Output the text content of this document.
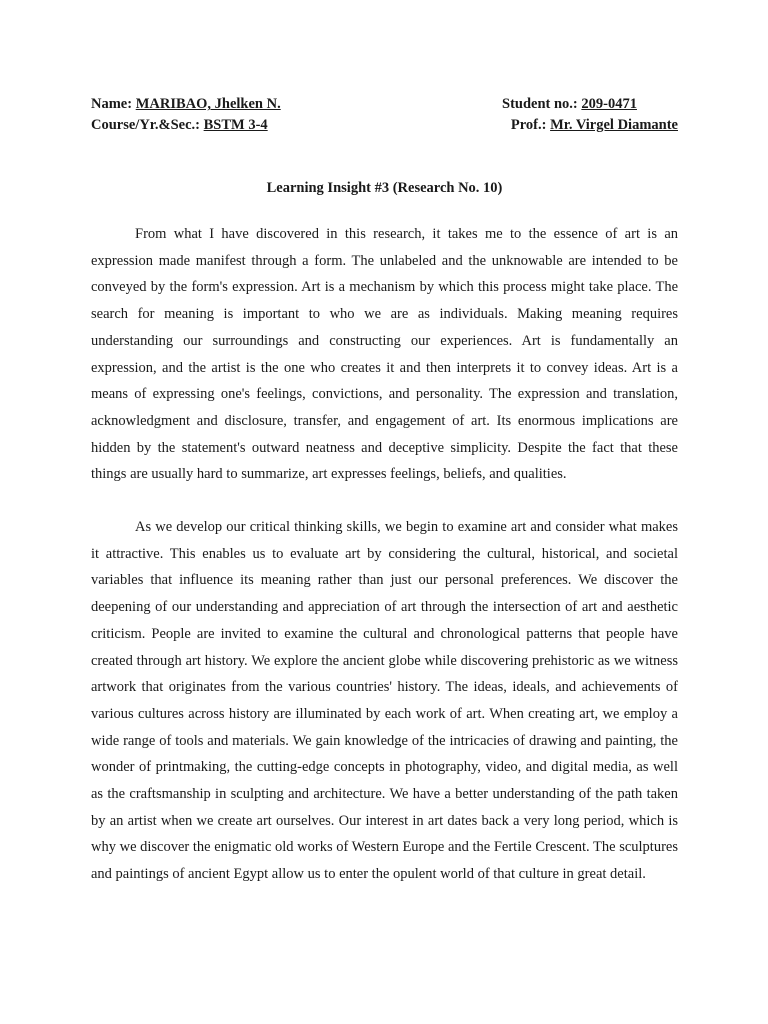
Name: MARIBAO, Jhelken N.	Student no.: 209-0471
Course/Yr.&Sec.: BSTM 3-4	Prof.: Mr. Virgel Diamante
Learning Insight #3 (Research No. 10)

From what I have discovered in this research, it takes me to the essence of art is an expression made manifest through a form. The unlabeled and the unknowable are intended to be conveyed by the form's expression. Art is a mechanism by which this process might take place. The search for meaning is important to who we are as individuals. Making meaning requires understanding our surroundings and constructing our experiences. Art is fundamentally an expression, and the artist is the one who creates it and then interprets it to convey ideas. Art is a means of expressing one's feelings, convictions, and personality. The expression and translation, acknowledgment and disclosure, transfer, and engagement of art. Its enormous implications are hidden by the statement's outward neatness and deceptive simplicity. Despite the fact that these things are usually hard to summarize, art expresses feelings, beliefs, and qualities.

As we develop our critical thinking skills, we begin to examine art and consider what makes it attractive. This enables us to evaluate art by considering the cultural, historical, and societal variables that influence its meaning rather than just our personal preferences. We discover the deepening of our understanding and appreciation of art through the intersection of art and aesthetic criticism. People are invited to examine the cultural and chronological patterns that people have created through art history. We explore the ancient globe while discovering prehistoric as we witness artwork that originates from the various countries' history. The ideas, ideals, and achievements of various cultures across history are illuminated by each work of art. When creating art, we employ a wide range of tools and materials. We gain knowledge of the intricacies of drawing and painting, the wonder of printmaking, the cutting-edge concepts in photography, video, and digital media, as well as the craftsmanship in sculpting and architecture. We have a better understanding of the path taken by an artist when we create art ourselves. Our interest in art dates back a very long period, which is why we discover the enigmatic old works of Western Europe and the Fertile Crescent. The sculptures and paintings of ancient Egypt allow us to enter the opulent world of that culture in great detail.
